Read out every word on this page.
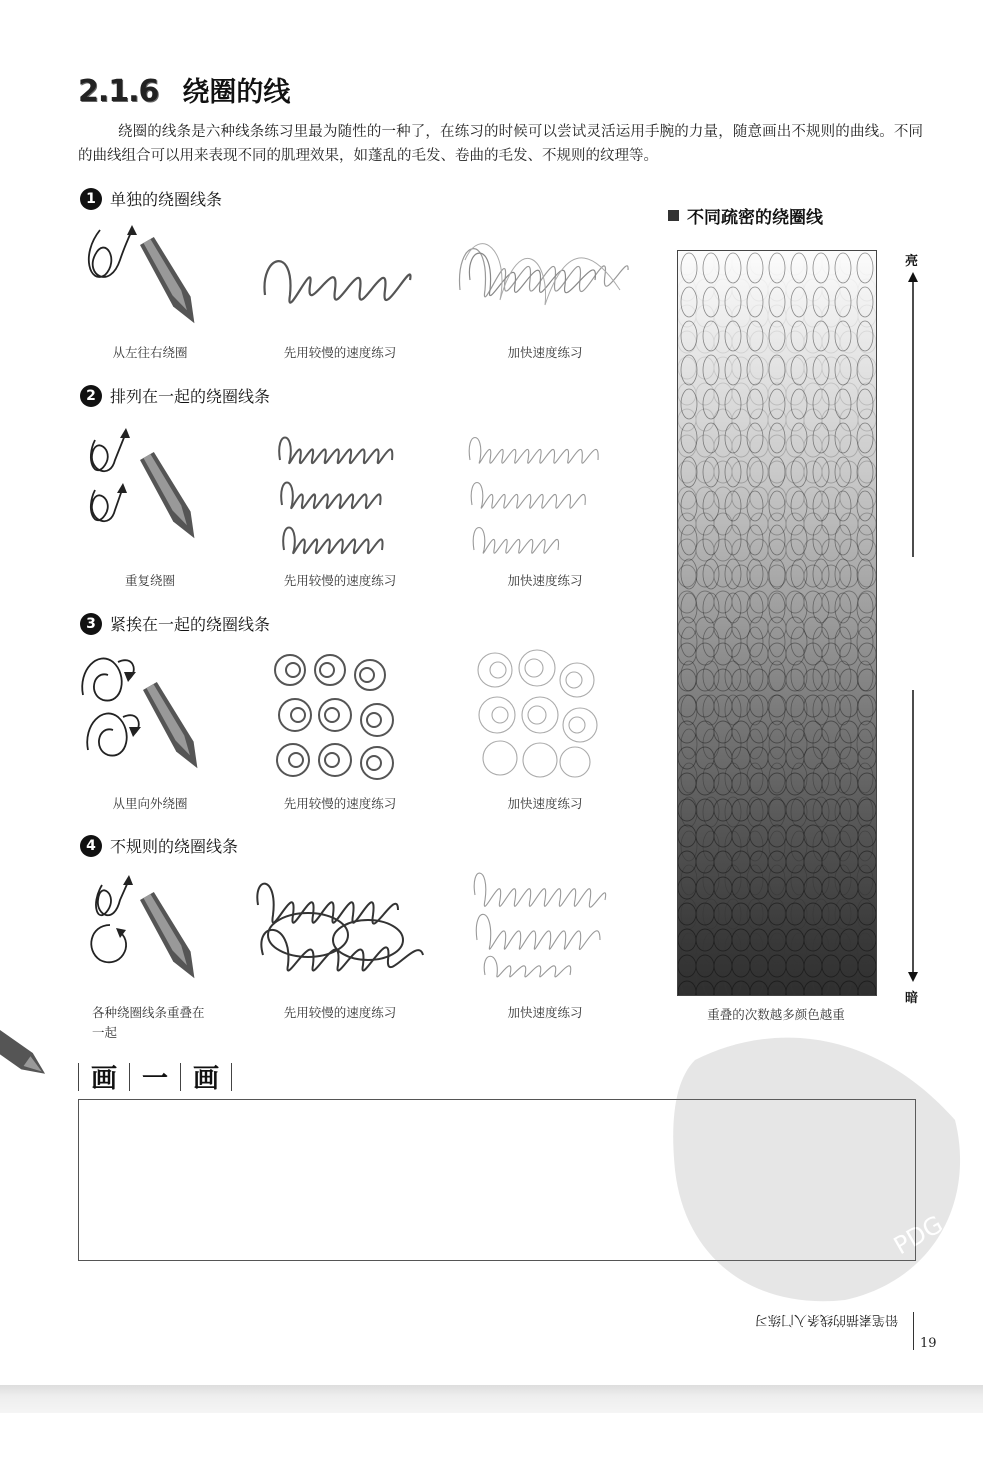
2.1.6 绕圈的线
绕圈的线条是六种线条练习里最为随性的一种了，在练习的时候可以尝试灵活运用手腕的力量，随意画出不规则的曲线。不同的曲线组合可以用来表现不同的肌理效果，如蓬乱的毛发、卷曲的毛发、不规则的纹理等。
1 单独的绕圈线条
从左往右绕圈	先用较慢的速度练习	加快速度练习
2 排列在一起的绕圈线条
重复绕圈	先用较慢的速度练习	加快速度练习
3 紧挨在一起的绕圈线条
从里向外绕圈	先用较慢的速度练习	加快速度练习
4 不规则的绕圈线条
各种绕圈线条重叠在一起
先用较慢的速度练习	加快速度练习
不同疏密的绕圈线
亮
暗
重叠的次数越多颜色越重
画 一 画
PDG
铅笔素描的线条入门练习
19
